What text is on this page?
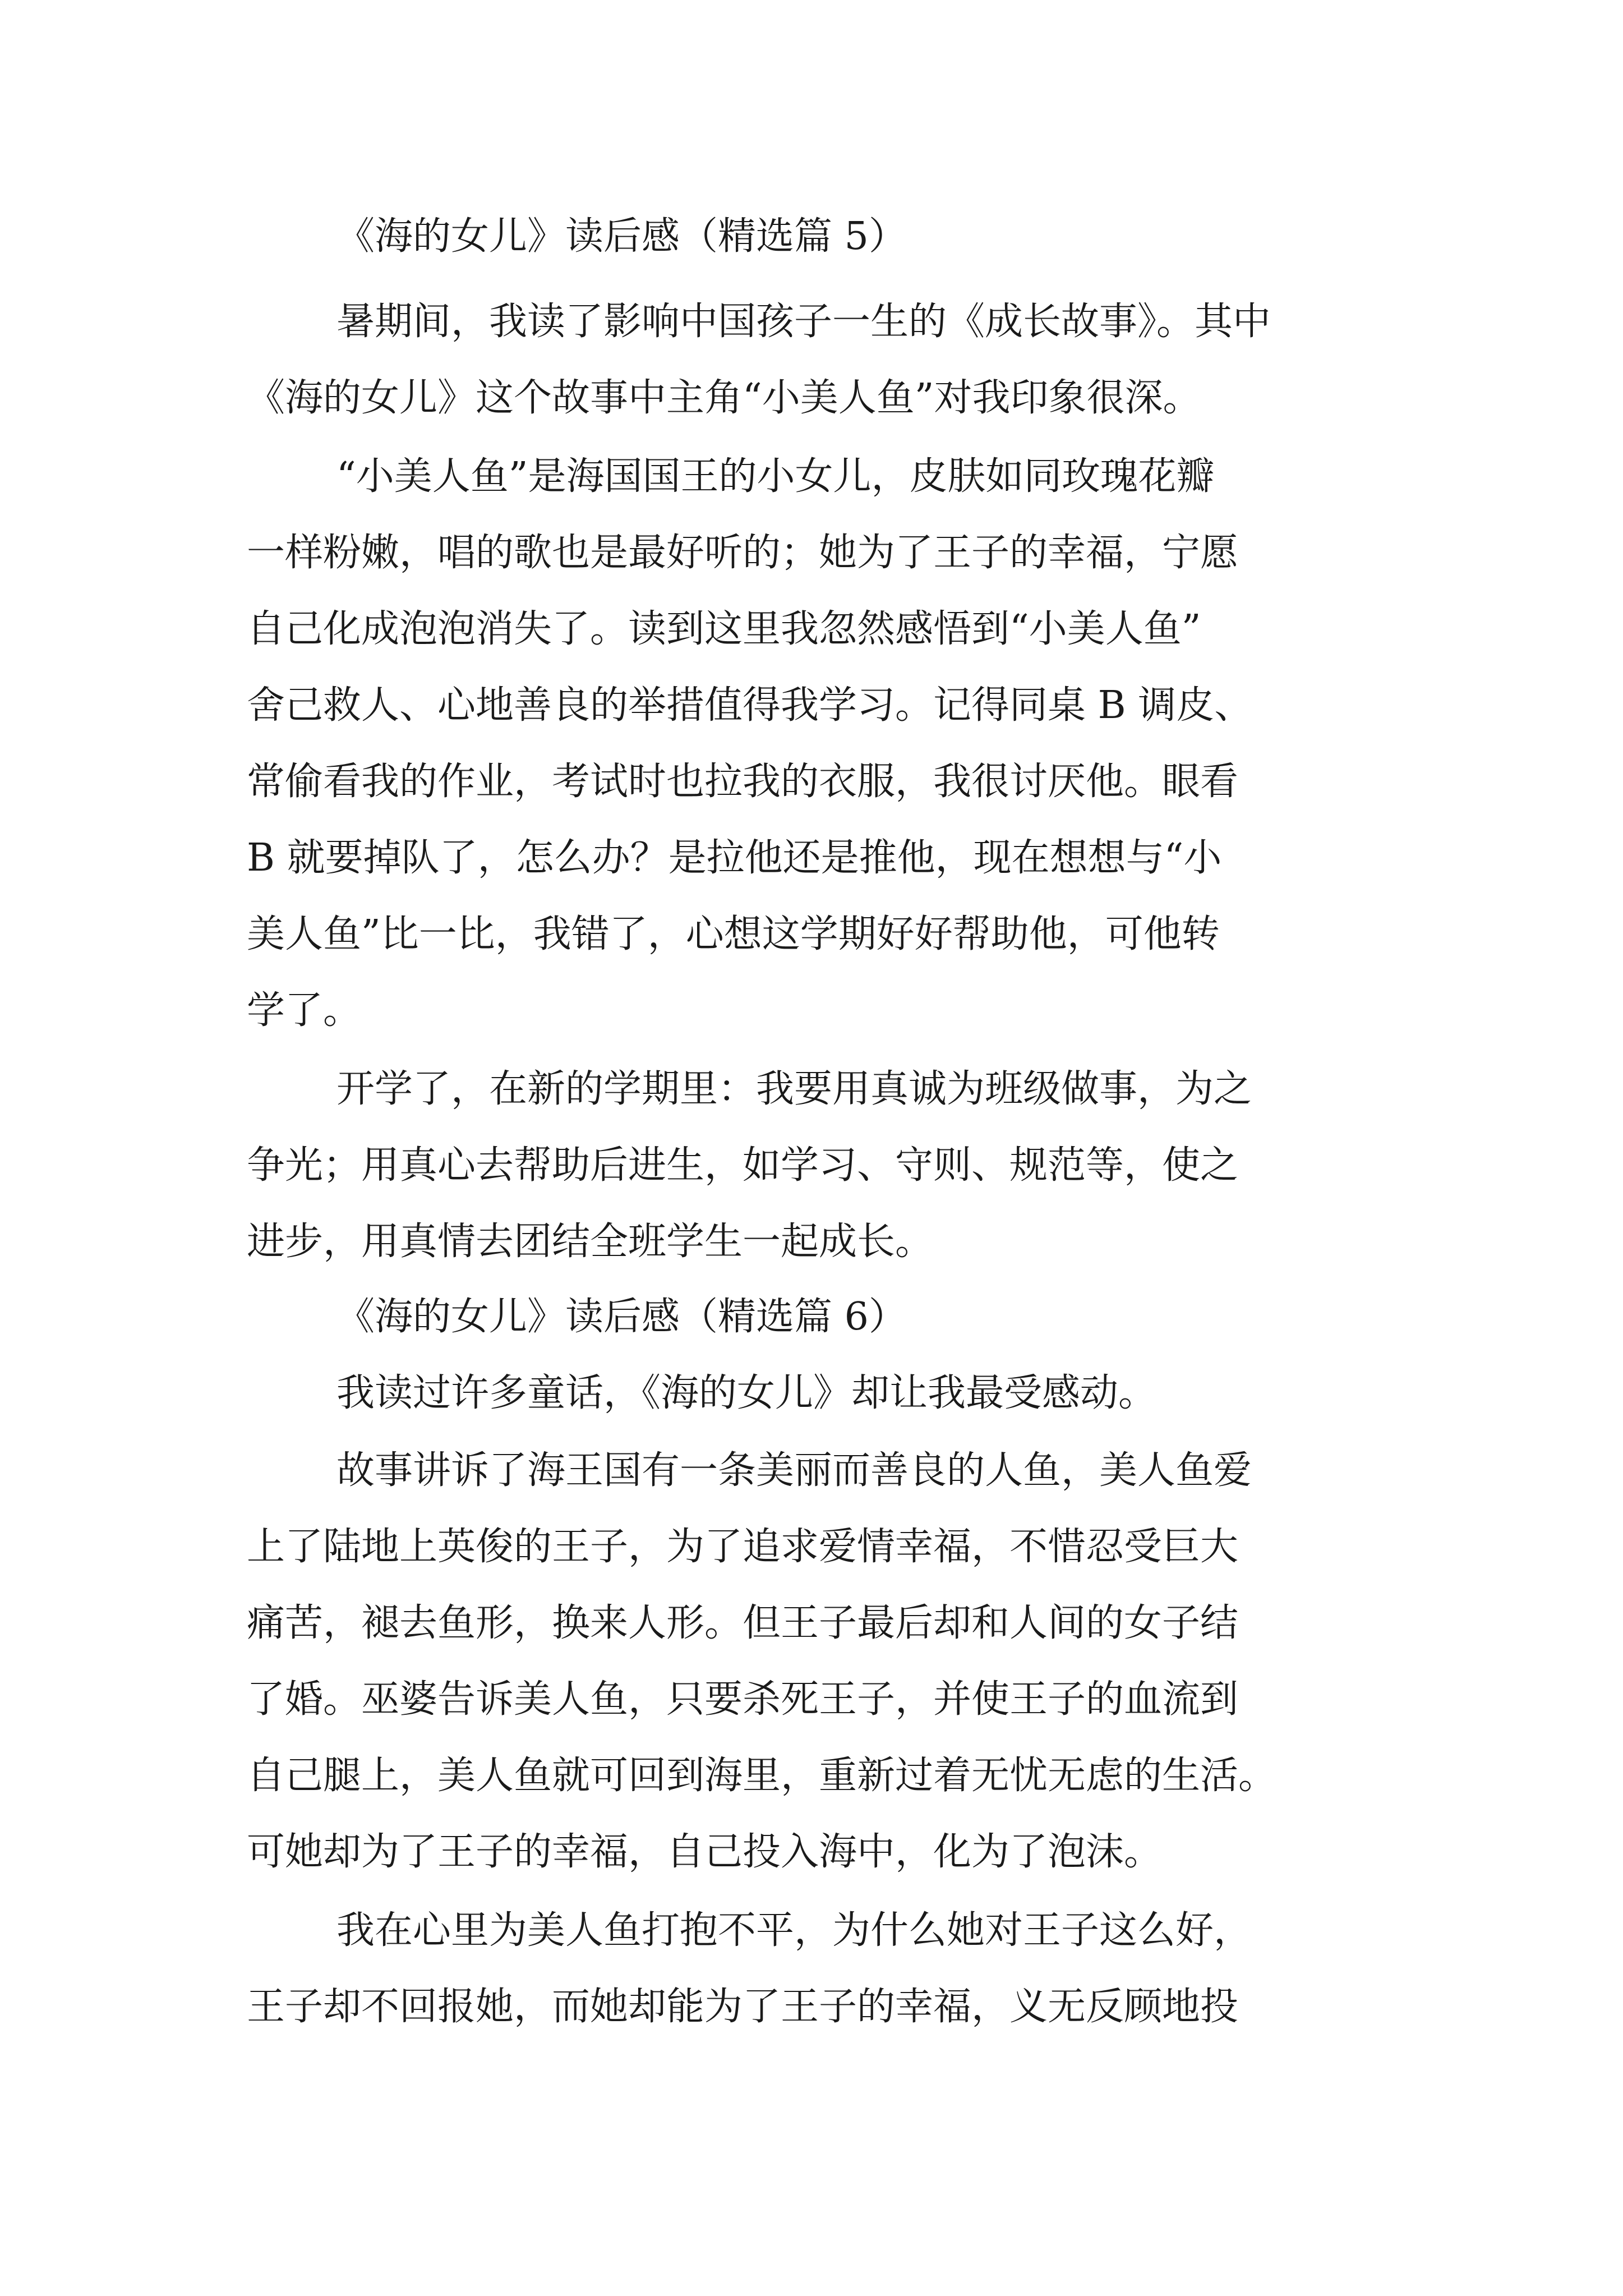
《海的女儿》读后感（精选篇 5）
暑期间，我读了影响中国孩子一生的《成长故事》。其中
《海的女儿》这个故事中主角“小美人鱼”对我印象很深。
“小美人鱼”是海国国王的小女儿，皮肤如同玫瑰花瓣
一样粉嫩，唱的歌也是最好听的；她为了王子的幸福，宁愿
自己化成泡泡消失了。读到这里我忽然感悟到“小美人鱼”
舍己救人、心地善良的举措值得我学习。记得同桌 B 调皮、
常偷看我的作业，考试时也拉我的衣服，我很讨厌他。眼看
B 就要掉队了，怎么办？是拉他还是推他，现在想想与“小
美人鱼”比一比，我错了，心想这学期好好帮助他，可他转
学了。
开学了，在新的学期里：我要用真诚为班级做事，为之
争光；用真心去帮助后进生，如学习、守则、规范等，使之
进步，用真情去团结全班学生一起成长。
《海的女儿》读后感（精选篇 6）
我读过许多童话，《海的女儿》却让我最受感动。
故事讲诉了海王国有一条美丽而善良的人鱼，美人鱼爱
上了陆地上英俊的王子，为了追求爱情幸福，不惜忍受巨大
痛苦，褪去鱼形，换来人形。但王子最后却和人间的女子结
了婚。巫婆告诉美人鱼，只要杀死王子，并使王子的血流到
自己腿上，美人鱼就可回到海里，重新过着无忧无虑的生活。
可她却为了王子的幸福，自己投入海中，化为了泡沫。
我在心里为美人鱼打抱不平，为什么她对王子这么好，
王子却不回报她，而她却能为了王子的幸福，义无反顾地投
